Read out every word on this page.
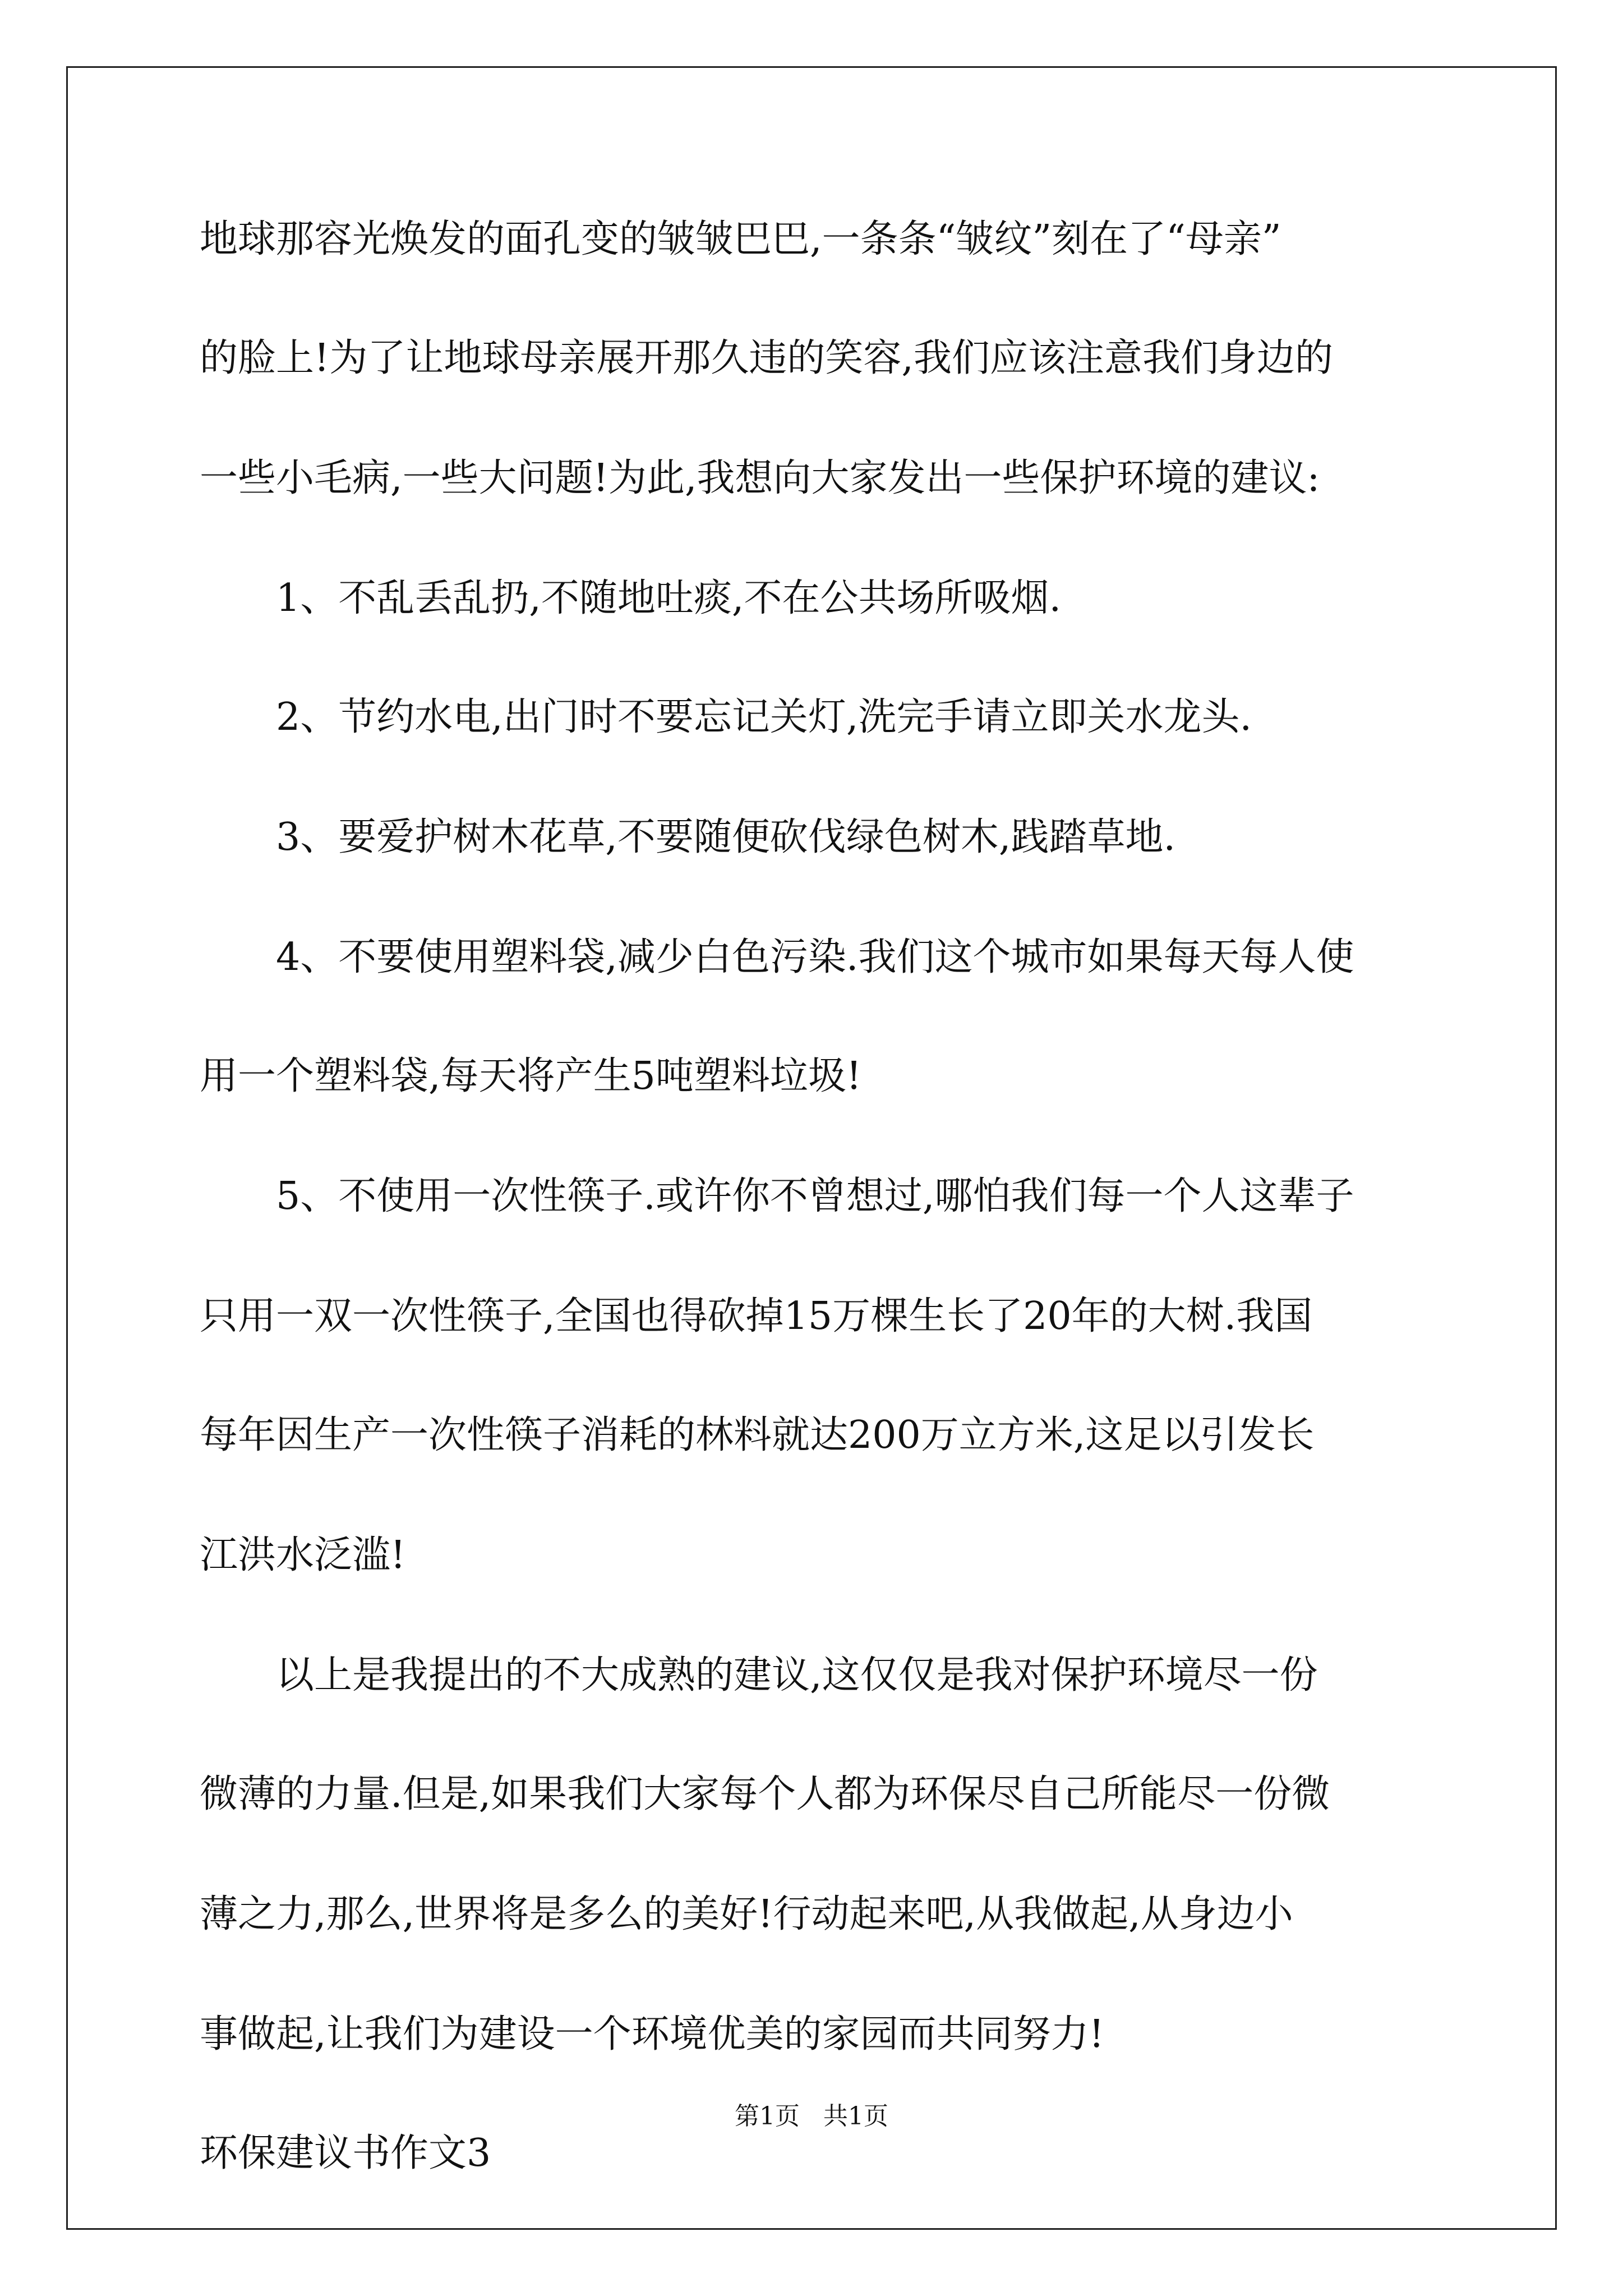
地球那容光焕发的面孔变的皱皱巴巴,一条条“皱纹”刻在了“母亲”
的脸上!为了让地球母亲展开那久违的笑容,我们应该注意我们身边的
一些小毛病,一些大问题!为此,我想向大家发出一些保护环境的建议:
1、不乱丢乱扔,不随地吐痰,不在公共场所吸烟.
2、节约水电,出门时不要忘记关灯,洗完手请立即关水龙头.
3、要爱护树木花草,不要随便砍伐绿色树木,践踏草地.
4、不要使用塑料袋,减少白色污染.我们这个城市如果每天每人使
用一个塑料袋,每天将产生5吨塑料垃圾!
5、不使用一次性筷子.或许你不曾想过,哪怕我们每一个人这辈子
只用一双一次性筷子,全国也得砍掉15万棵生长了20年的大树.我国
每年因生产一次性筷子消耗的林料就达200万立方米,这足以引发长
江洪水泛滥!
以上是我提出的不大成熟的建议,这仅仅是我对保护环境尽一份
微薄的力量.但是,如果我们大家每个人都为环保尽自己所能尽一份微
薄之力,那么,世界将是多么的美好!行动起来吧,从我做起,从身边小
事做起,让我们为建设一个环境优美的家园而共同努力!
环保建议书作文3
第1页   共1页
